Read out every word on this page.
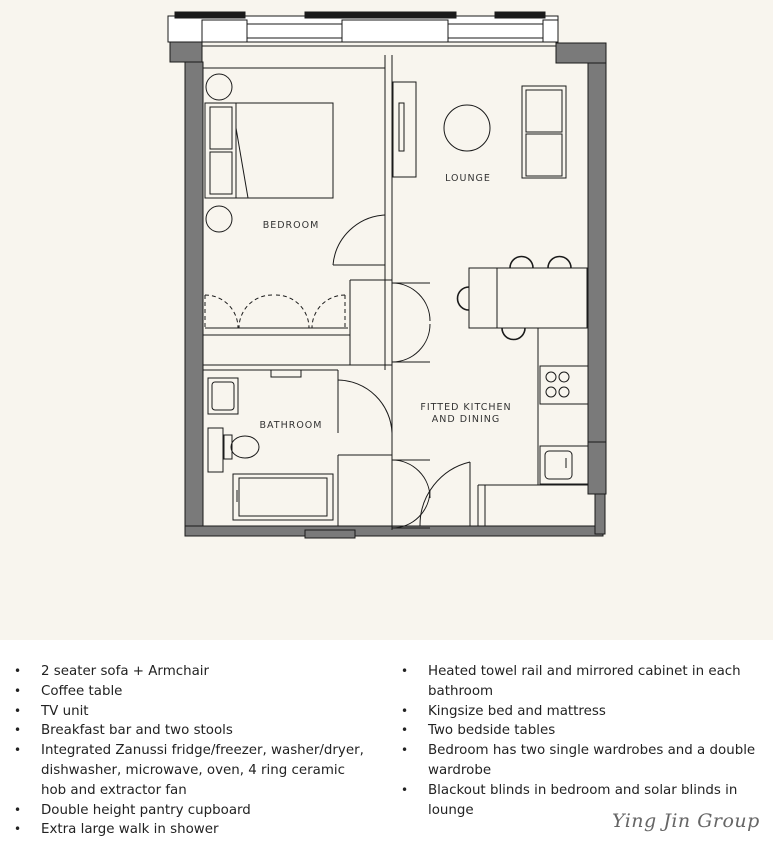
BEDROOM
LOUNGE
FITTED KITCHEN
AND DINING
BATHROOM
• 2 seater sofa + Armchair
• Coffee table
• TV unit
• Breakfast bar and two stools
• Integrated Zanussi fridge/freezer, washer/dryer, dishwasher, microwave, oven, 4 ring ceramic hob and extractor fan
• Double height pantry cupboard
• Extra large walk in shower
• Heated towel rail and mirrored cabinet in each bathroom
• Kingsize bed and mattress
• Two bedside tables
• Bedroom has two single wardrobes and a double wardrobe
• Blackout blinds in bedroom and solar blinds in lounge	Ying Jin Group
